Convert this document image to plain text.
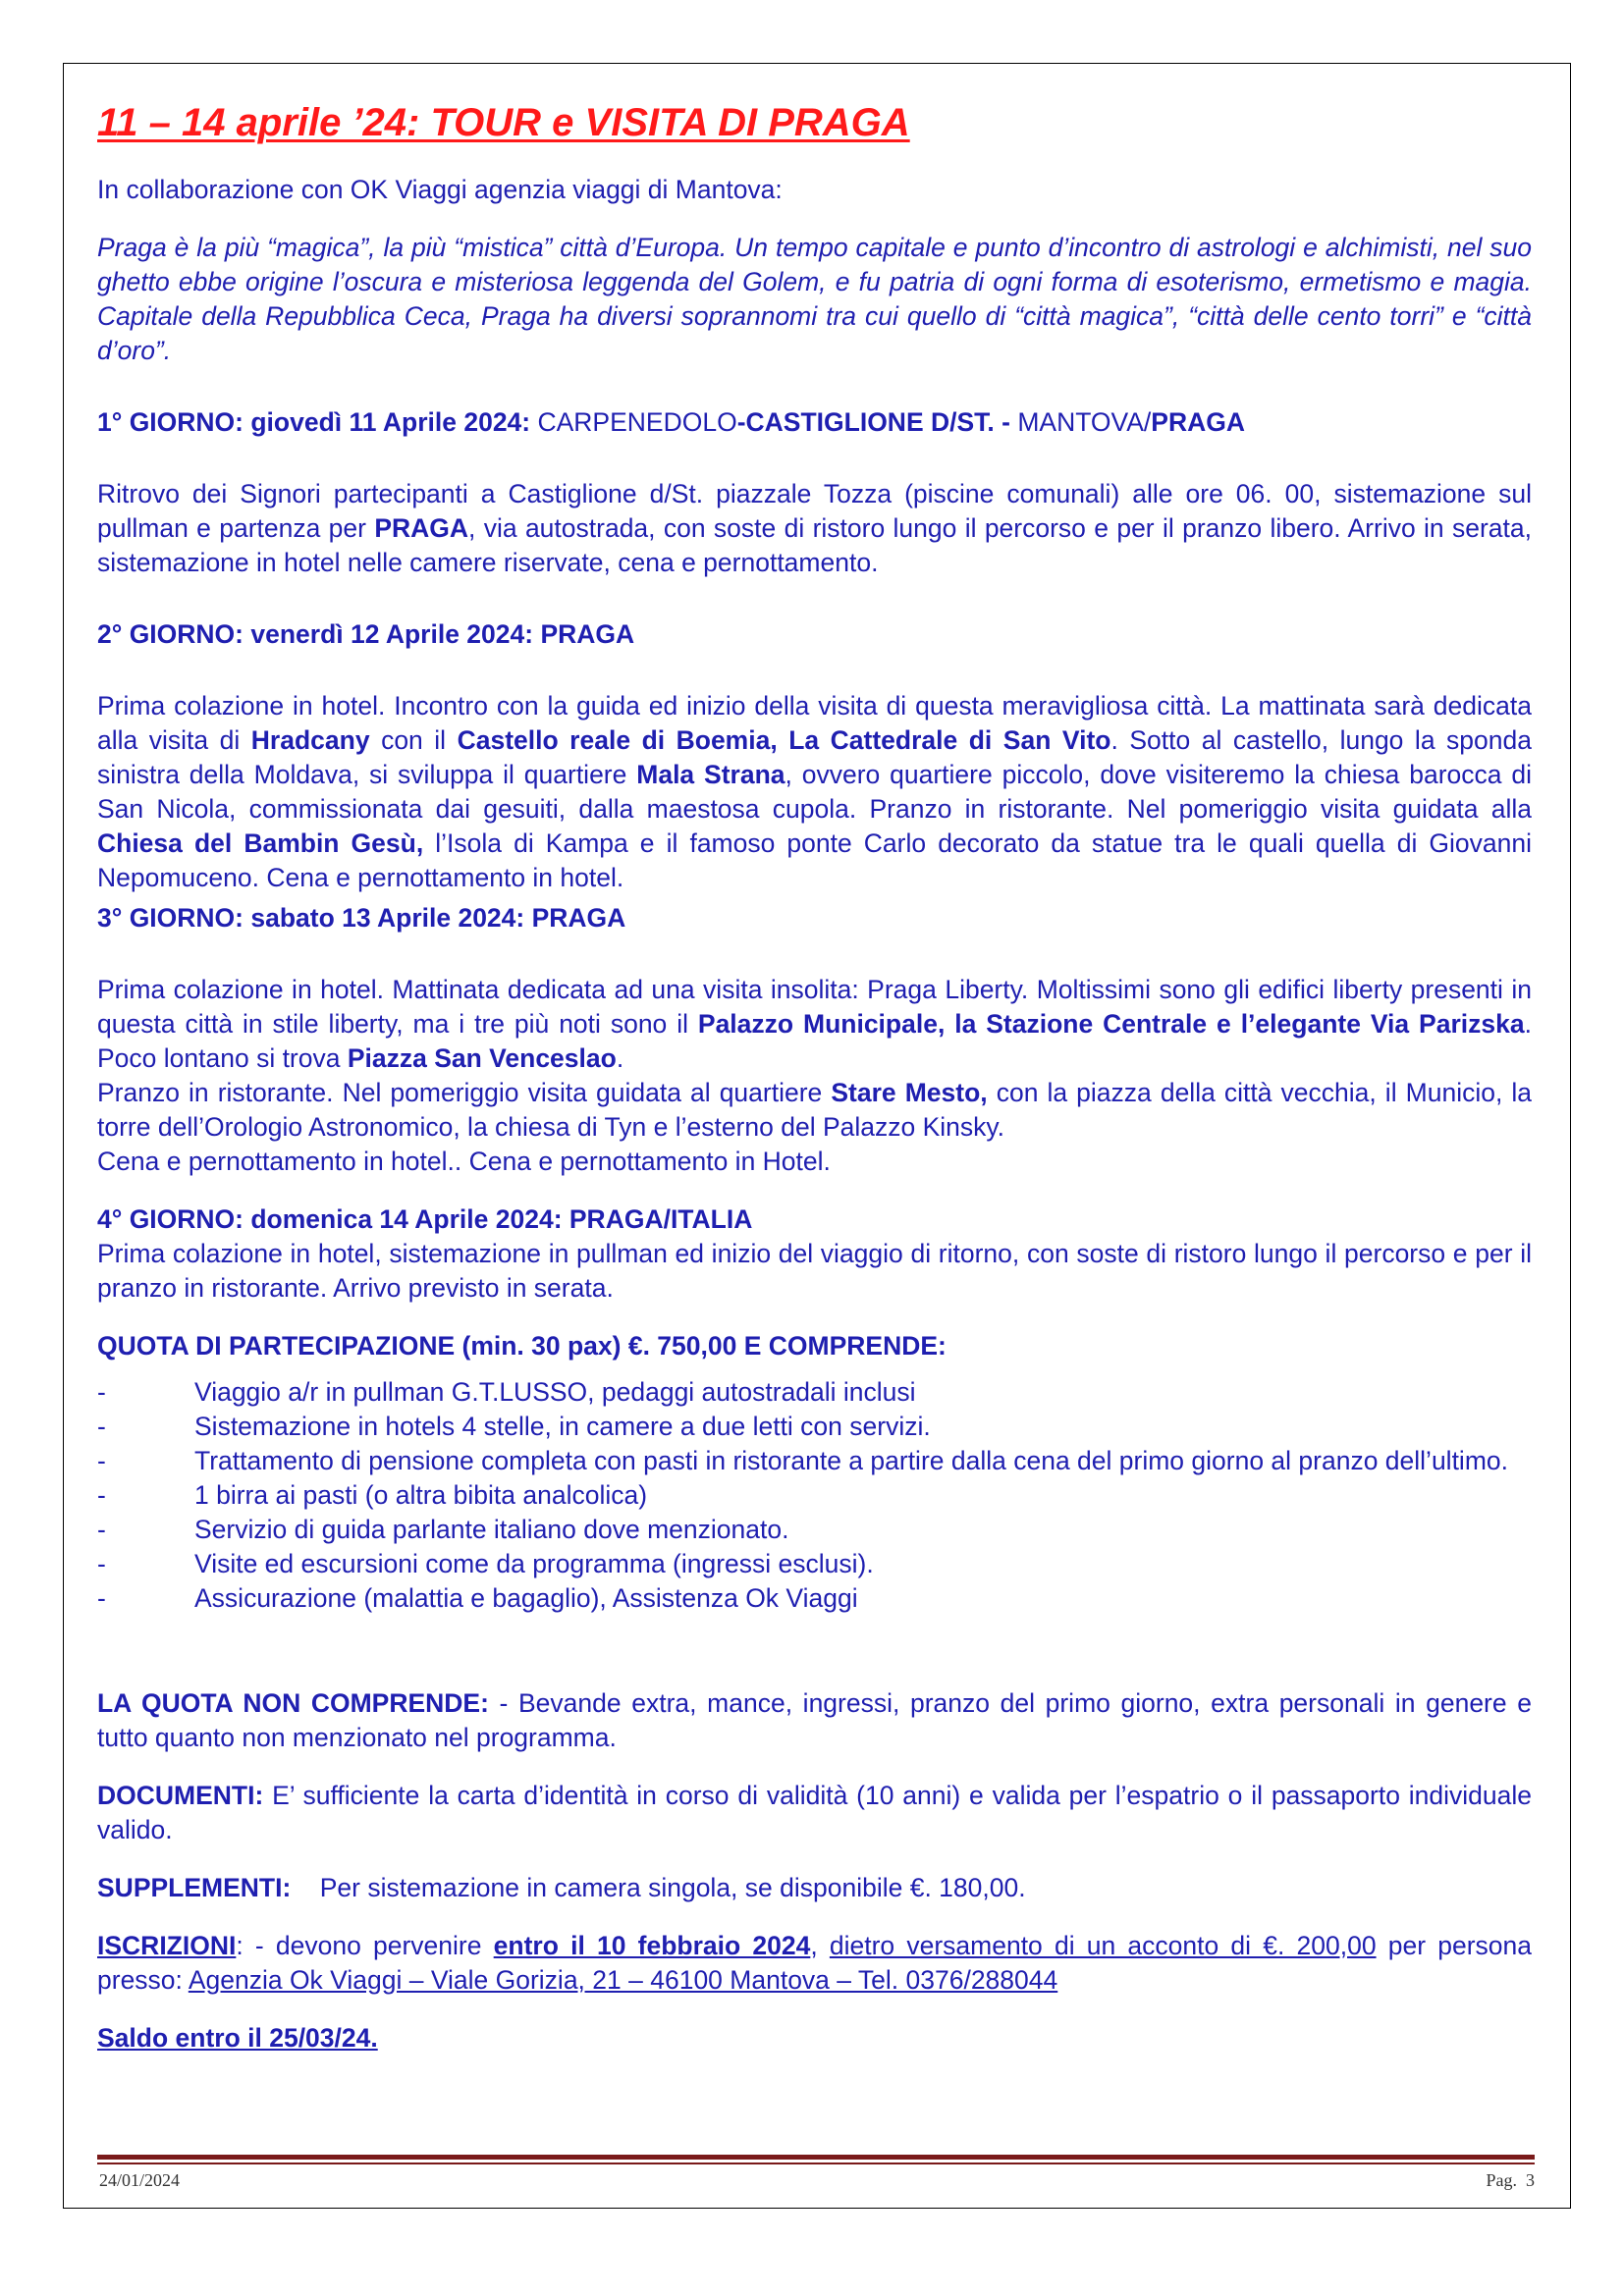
11 – 14 aprile ’24: TOUR e VISITA DI PRAGA

In collaborazione con OK Viaggi agenzia viaggi di Mantova:

Praga è la più “magica”, la più “mistica” città d’Europa. Un tempo capitale e punto d’incontro di astrologi e alchimisti, nel suo ghetto ebbe origine l’oscura e misteriosa leggenda del Golem, e fu patria di ogni forma di esoterismo, ermetismo e magia. Capitale della Repubblica Ceca, Praga ha diversi soprannomi tra cui quello di “città magica”, “città delle cento torri” e “città d’oro”.

1° GIORNO: giovedì 11 Aprile 2024: CARPENEDOLO-CASTIGLIONE D/ST. - MANTOVA/PRAGA

Ritrovo dei Signori partecipanti a Castiglione d/St. piazzale Tozza (piscine comunali) alle ore 06. 00, sistemazione sul pullman e partenza per PRAGA, via autostrada, con soste di ristoro lungo il percorso e per il pranzo libero. Arrivo in serata, sistemazione in hotel nelle camere riservate, cena e pernottamento.

2° GIORNO: venerdì 12 Aprile 2024: PRAGA

Prima colazione in hotel. Incontro con la guida ed inizio della visita di questa meravigliosa città. La mattinata sarà dedicata alla visita di Hradcany con il Castello reale di Boemia, La Cattedrale di San Vito. Sotto al castello, lungo la sponda sinistra della Moldava, si sviluppa il quartiere Mala Strana, ovvero quartiere piccolo, dove visiteremo la chiesa barocca di San Nicola, commissionata dai gesuiti, dalla maestosa cupola. Pranzo in ristorante. Nel pomeriggio visita guidata alla Chiesa del Bambin Gesù, l’Isola di Kampa e il famoso ponte Carlo decorato da statue tra le quali quella di Giovanni Nepomuceno. Cena e pernottamento in hotel.

3° GIORNO: sabato 13 Aprile 2024: PRAGA

Prima colazione in hotel. Mattinata dedicata ad una visita insolita: Praga Liberty. Moltissimi sono gli edifici liberty presenti in questa città in stile liberty, ma i tre più noti sono il Palazzo Municipale, la Stazione Centrale e l’elegante Via Parizska. Poco lontano si trova Piazza San Venceslao.

Pranzo in ristorante. Nel pomeriggio visita guidata al quartiere Stare Mesto, con la piazza della città vecchia, il Municio, la torre dell’Orologio Astronomico, la chiesa di Tyn e l’esterno del Palazzo Kinsky.

Cena e pernottamento in hotel.. Cena e pernottamento in Hotel.

4° GIORNO: domenica 14 Aprile 2024: PRAGA/ITALIA

Prima colazione in hotel, sistemazione in pullman ed inizio del viaggio di ritorno, con soste di ristoro lungo il percorso e per il pranzo in ristorante. Arrivo previsto in serata.

QUOTA DI PARTECIPAZIONE (min. 30 pax) €. 750,00 E COMPRENDE:

-	Viaggio a/r in pullman G.T.LUSSO, pedaggi autostradali inclusi
-	Sistemazione in hotels 4 stelle, in camere a due letti con servizi.
-	Trattamento di pensione completa con pasti in ristorante a partire dalla cena del primo giorno al pranzo dell’ultimo.
-	1 birra ai pasti (o altra bibita analcolica)
-	Servizio di guida parlante italiano dove menzionato.
-	Visite ed escursioni come da programma (ingressi esclusi).
-	Assicurazione (malattia e bagaglio), Assistenza Ok Viaggi

LA QUOTA NON COMPRENDE: - Bevande extra, mance, ingressi, pranzo del primo giorno, extra personali in genere e tutto quanto non menzionato nel programma.

DOCUMENTI: E’ sufficiente la carta d’identità in corso di validità (10 anni) e valida per l’espatrio o il passaporto individuale valido.

SUPPLEMENTI:    Per sistemazione in camera singola, se disponibile €. 180,00.

ISCRIZIONI: - devono pervenire entro il 10 febbraio 2024, dietro versamento di un acconto di €. 200,00 per persona presso: Agenzia Ok Viaggi – Viale Gorizia, 21 – 46100 Mantova – Tel. 0376/288044

Saldo entro il 25/03/24.

24/01/2024	Pag.  3
